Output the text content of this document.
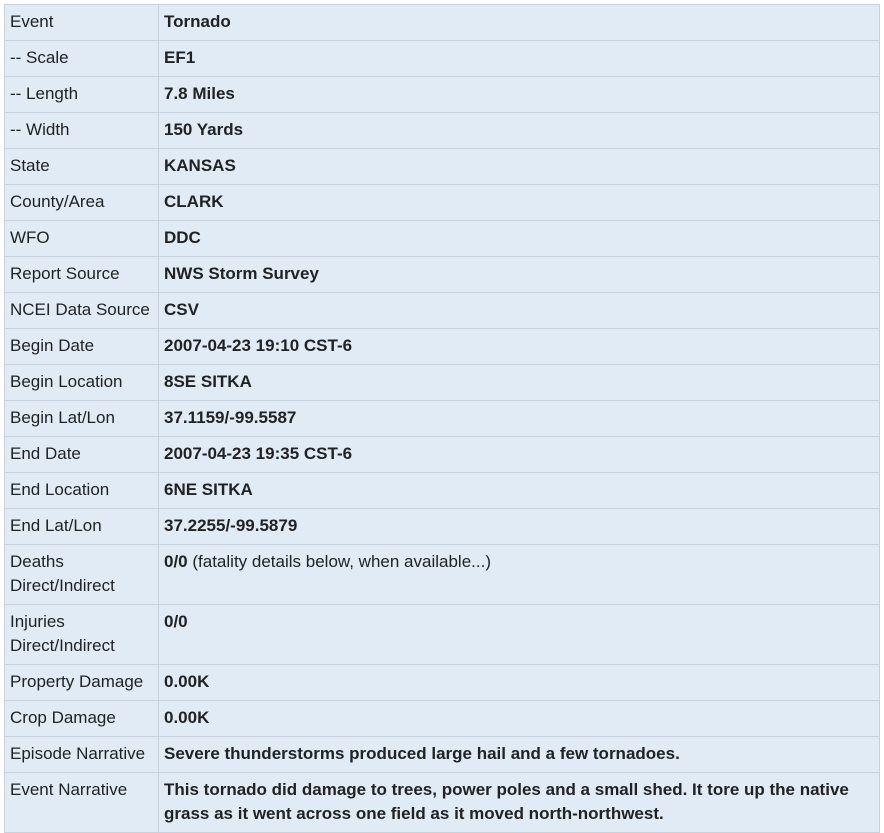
Event	Tornado
-- Scale	EF1
-- Length	7.8 Miles
-- Width	150 Yards
State	KANSAS
County/Area	CLARK
WFO	DDC
Report Source	NWS Storm Survey
NCEI Data Source	CSV
Begin Date	2007-04-23 19:10 CST-6
Begin Location	8SE SITKA
Begin Lat/Lon	37.1159/-99.5587
End Date	2007-04-23 19:35 CST-6
End Location	6NE SITKA
End Lat/Lon	37.2255/-99.5879
Deaths Direct/Indirect	0/0 (fatality details below, when available...)
Injuries Direct/Indirect	0/0
Property Damage	0.00K
Crop Damage	0.00K
Episode Narrative	Severe thunderstorms produced large hail and a few tornadoes.
Event Narrative	This tornado did damage to trees, power poles and a small shed. It tore up the native grass as it went across one field as it moved north-northwest.
